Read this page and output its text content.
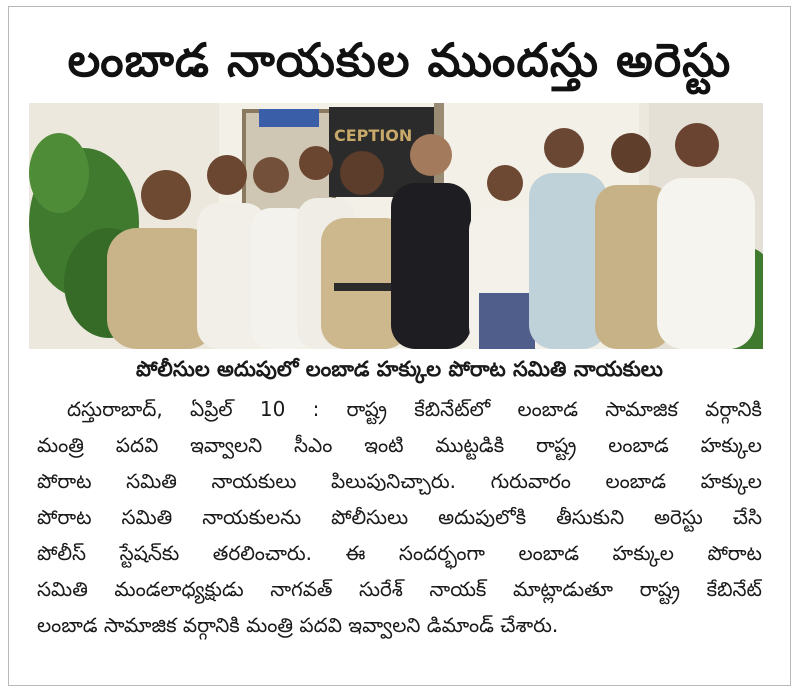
లంబాడ నాయకుల ముందస్తు అరెస్టు
CEPTION
పోలీసుల అదుపులో లంబాడ హక్కుల పోరాట సమితి నాయకులు
దస్తురాబాద్, ఏప్రిల్ 10 : రాష్ట్ర కేబినేట్‌లో లంబాడ సామాజిక వర్గానికి
మంత్రి పదవి ఇవ్వాలని సీఎం ఇంటి ముట్టడికి రాష్ట్ర లంబాడ హక్కుల
పోరాట సమితి నాయకులు పిలుపునిచ్చారు. గురువారం లంబాడ హక్కుల
పోరాట సమితి నాయకులను పోలీసులు అదుపులోకి తీసుకుని అరెస్టు చేసి
పోలీస్ స్టేషన్‌కు తరలించారు. ఈ సందర్భంగా లంబాడ హక్కుల పోరాట
సమితి మండలాధ్యక్షుడు నాగవత్ సురేశ్ నాయక్ మాట్లాడుతూ రాష్ట్ర కేబినేట్
లంబాడ సామాజిక వర్గానికి మంత్రి పదవి ఇవ్వాలని డిమాండ్ చేశారు.
